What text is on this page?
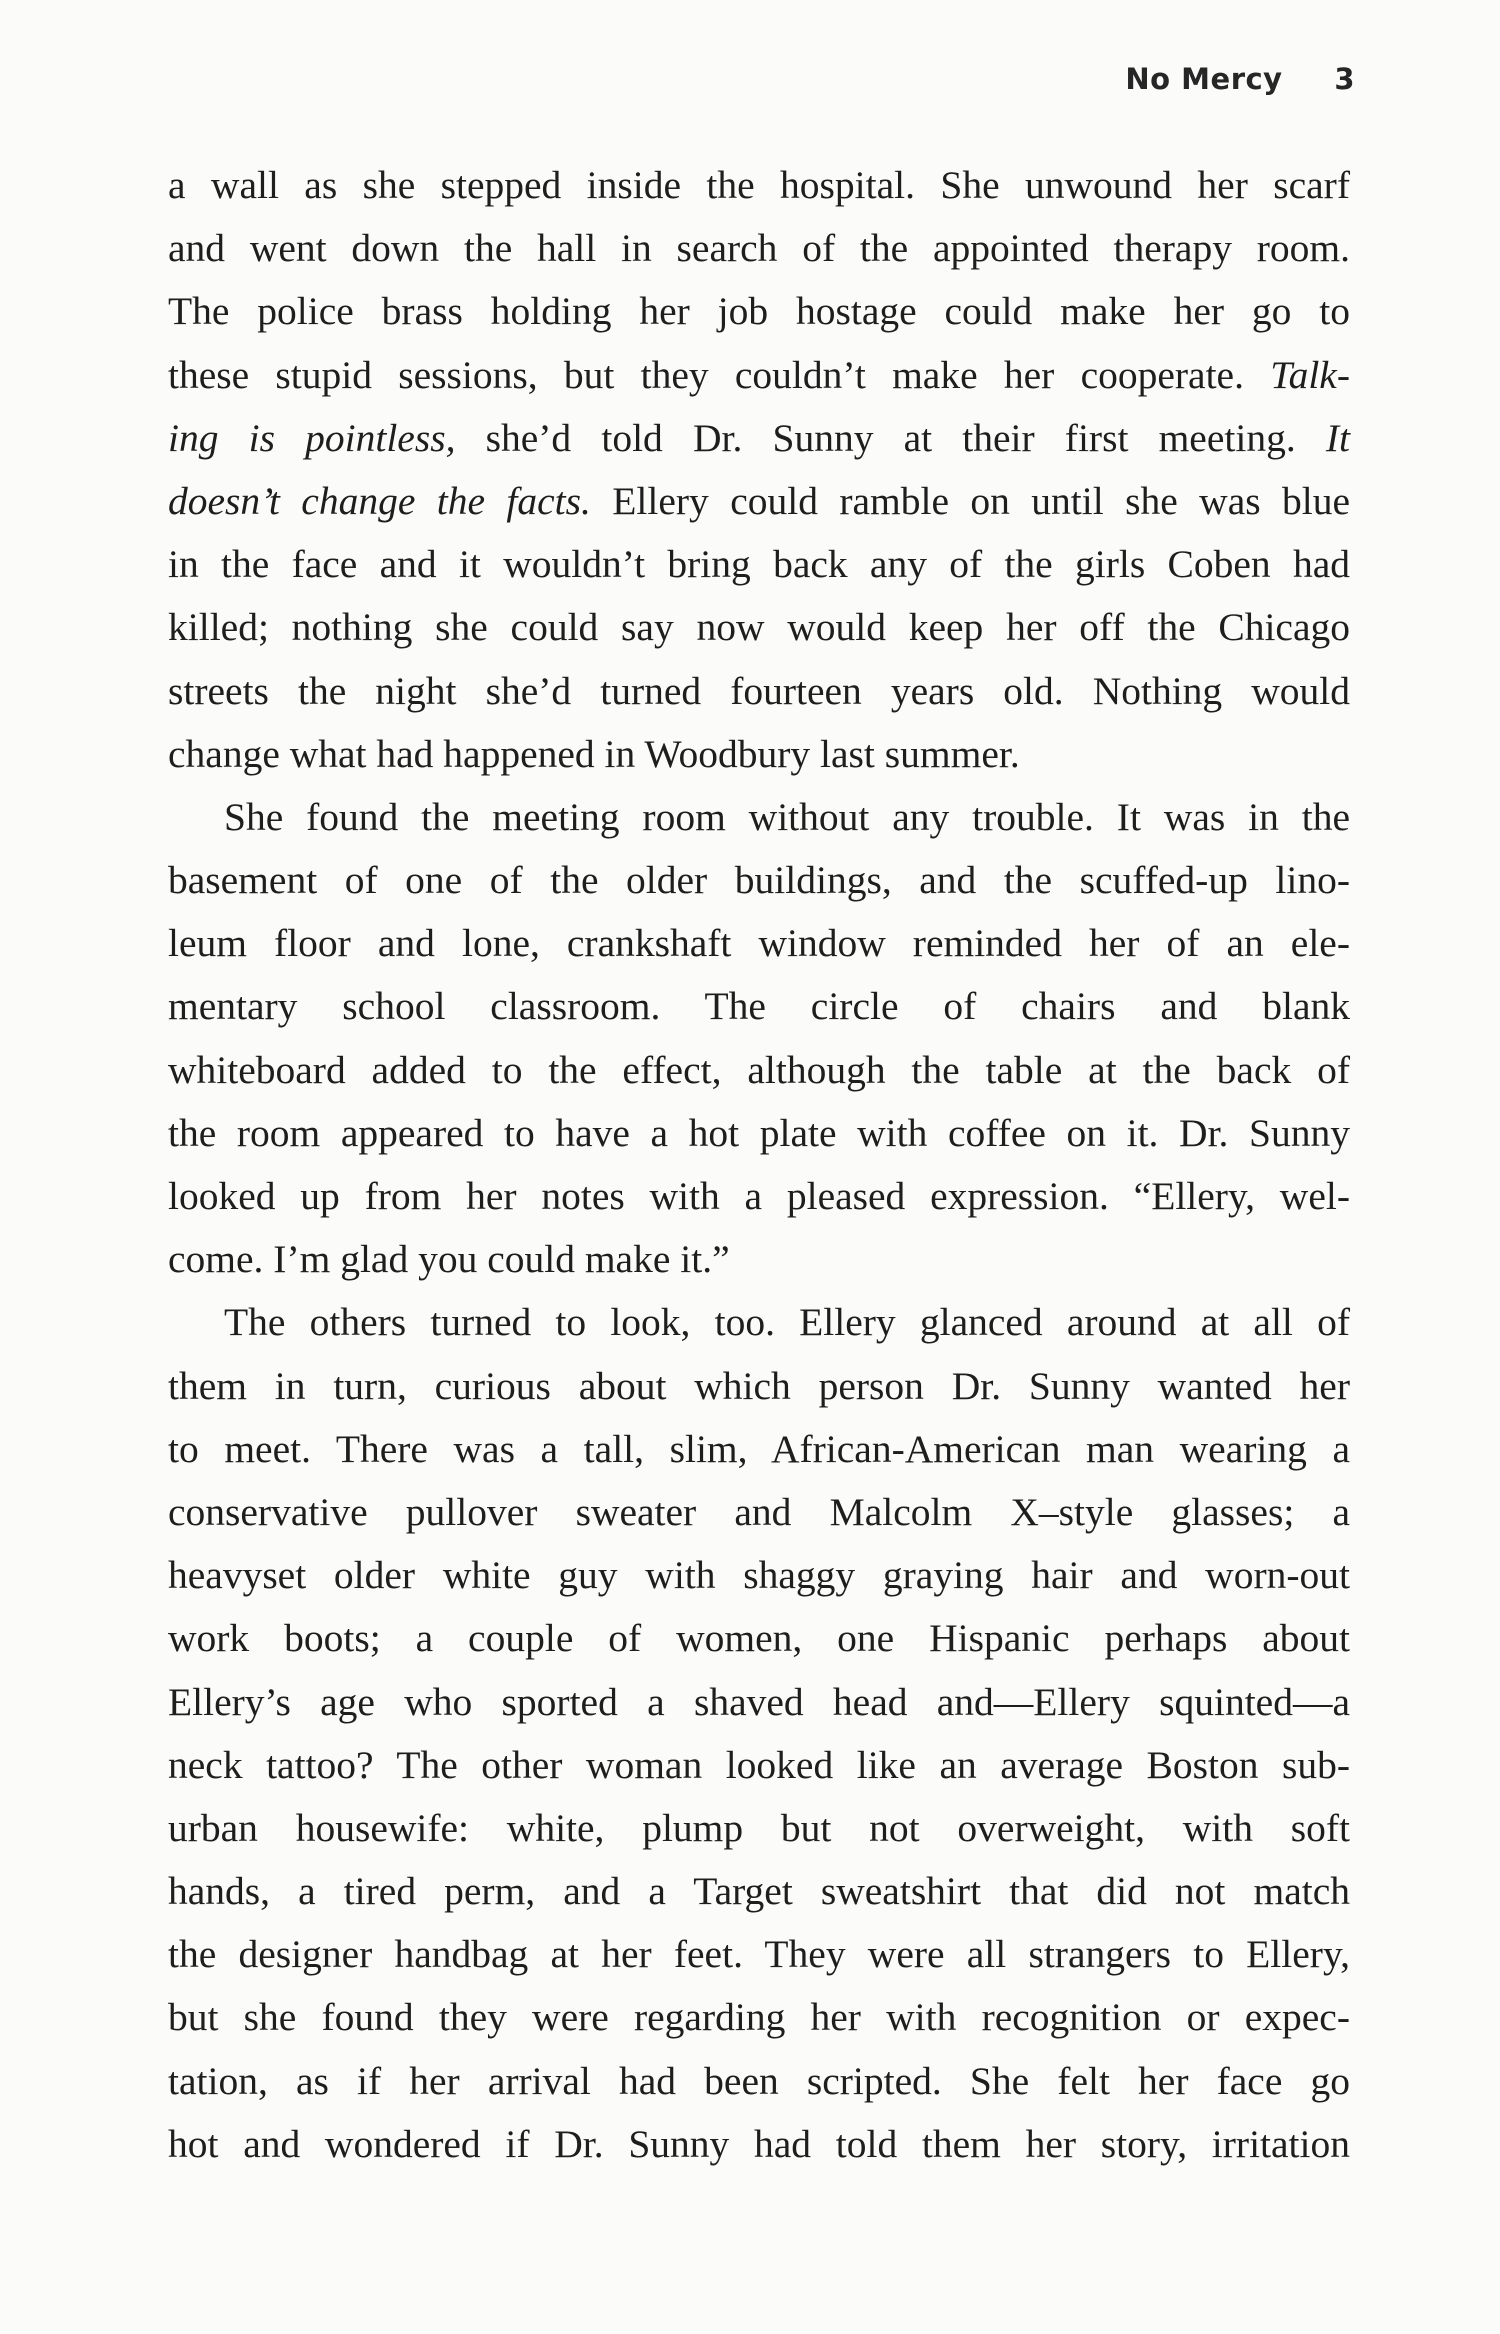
No Mercy 3
a wall as she stepped inside the hospital. She unwound her scarf
and went down the hall in search of the appointed therapy room.
The police brass holding her job hostage could make her go to
these stupid sessions, but they couldn’t make her cooperate. Talk-
ing is pointless, she’d told Dr. Sunny at their first meeting. It
doesn’t change the facts. Ellery could ramble on until she was blue
in the face and it wouldn’t bring back any of the girls Coben had
killed; nothing she could say now would keep her off the Chicago
streets the night she’d turned fourteen years old. Nothing would
change what had happened in Woodbury last summer.
She found the meeting room without any trouble. It was in the
basement of one of the older buildings, and the scuffed-up lino-
leum floor and lone, crankshaft window reminded her of an ele-
mentary school classroom. The circle of chairs and blank
whiteboard added to the effect, although the table at the back of
the room appeared to have a hot plate with coffee on it. Dr. Sunny
looked up from her notes with a pleased expression. “Ellery, wel-
come. I’m glad you could make it.”
The others turned to look, too. Ellery glanced around at all of
them in turn, curious about which person Dr. Sunny wanted her
to meet. There was a tall, slim, African-American man wearing a
conservative pullover sweater and Malcolm X–style glasses; a
heavyset older white guy with shaggy graying hair and worn-out
work boots; a couple of women, one Hispanic perhaps about
Ellery’s age who sported a shaved head and—Ellery squinted—a
neck tattoo? The other woman looked like an average Boston sub-
urban housewife: white, plump but not overweight, with soft
hands, a tired perm, and a Target sweatshirt that did not match
the designer handbag at her feet. They were all strangers to Ellery,
but she found they were regarding her with recognition or expec-
tation, as if her arrival had been scripted. She felt her face go
hot and wondered if Dr. Sunny had told them her story, irritation
